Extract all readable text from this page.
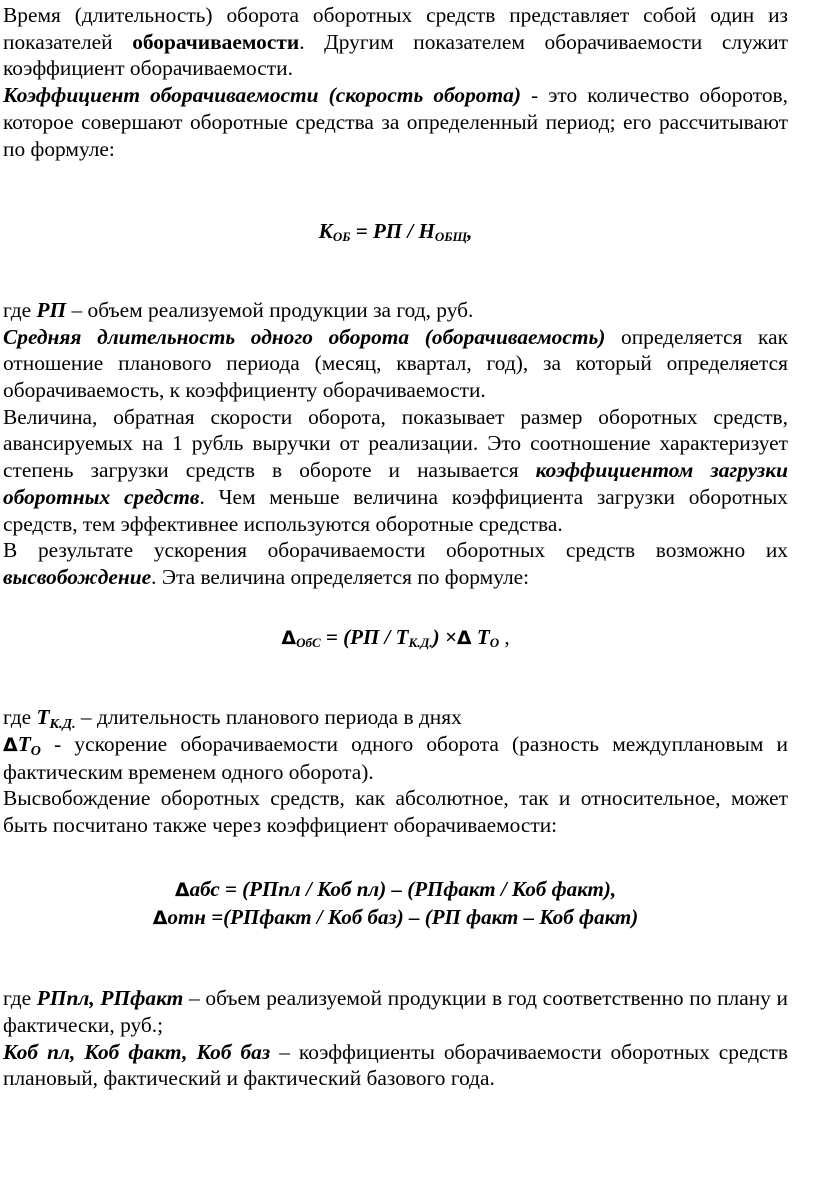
Время (длительность) оборота оборотных средств представляет собой один из показателей оборачиваемости. Другим показателем оборачиваемости служит коэффициент оборачиваемости.

Коэффициент оборачиваемости (скорость оборота) - это количество оборотов, которое совершают оборотные средства за определенный период; его рассчитывают по формуле:

$К_{ОБ}$ = РП / $Н_{ОБЩ}$,

где РП – объем реализуемой продукции за год, руб.

Средняя длительность одного оборота (оборачиваемость) определяется как отношение планового периода (месяц, квартал, год), за который определяется оборачиваемость, к коэффициенту оборачиваемости.

Величина, обратная скорости оборота, показывает размер оборотных средств, авансируемых на 1 рубль выручки от реализации. Это соотношение характеризует степень загрузки средств в обороте и называется коэффициентом загрузки оборотных средств. Чем меньше величина коэффициента загрузки оборотных средств, тем эффективнее используются оборотные средства.

В результате ускорения оборачиваемости оборотных средств возможно их высвобождение. Эта величина определяется по формуле:

$\Delta_{ОбС} = (РП / Т_{К.Д.}) \times\Delta$ $Т_О$ ,

где ТК.Д. – длительность планового периода в днях

ΔТО - ускорение оборачиваемости одного оборота (разность междуплановым и фактическим временем одного оборота).

Высвобождение оборотных средств, как абсолютное, так и относительное, может быть посчитано также через коэффициент оборачиваемости:

Δабс = (РПпл / Коб пл) – (РПфакт / Коб факт),

Δотн =(РПфакт / Коб баз) – (РП факт – Коб факт)

где РПпл, РПфакт – объем реализуемой продукции в год соответственно по плану и фактически, руб.;

Коб пл, Коб факт, Коб баз – коэффициенты оборачиваемости оборотных средств плановый, фактический и фактический базового года.
